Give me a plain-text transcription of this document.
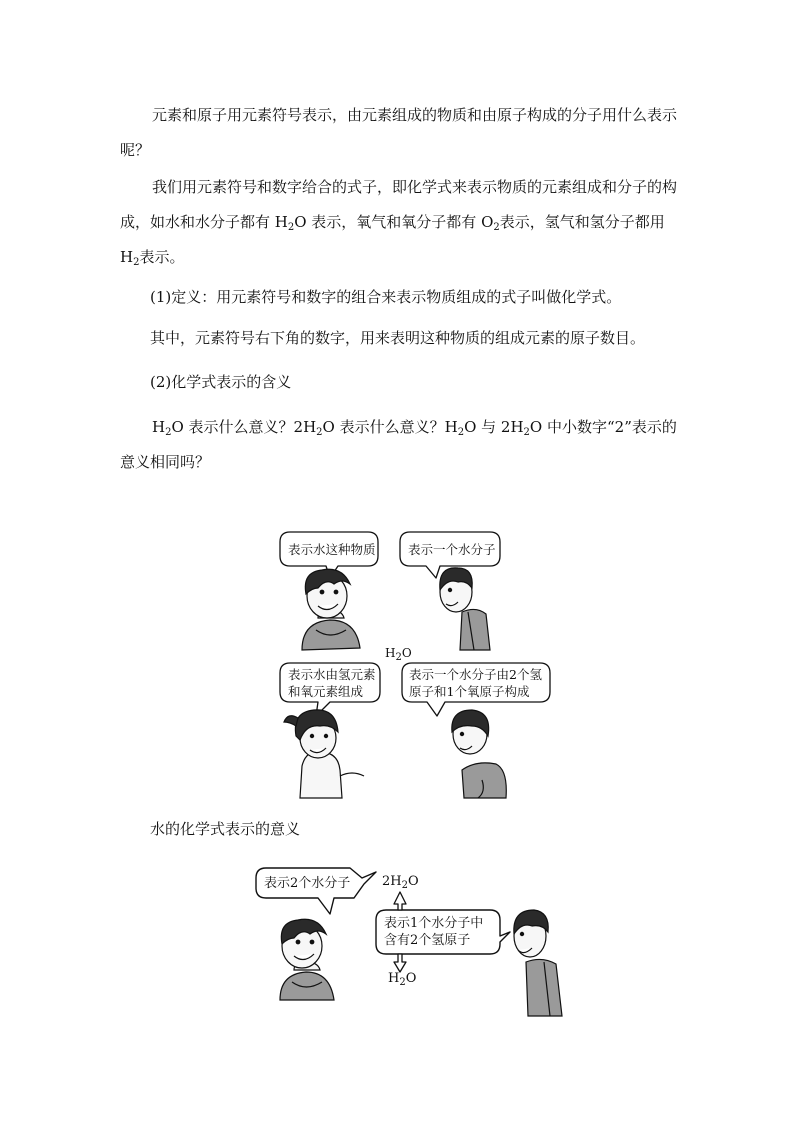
元素和原子用元素符号表示，由元素组成的物质和由原子构成的分子用什么表示呢？

我们用元素符号和数字给合的式子，即化学式来表示物质的元素组成和分子的构成，如水和水分子都有 $H_2O$ 表示，氧气和氧分子都有 $O_2$表示，氢气和氢分子都用 $H_2$表示。

(1)定义：用元素符号和数字的组合来表示物质组成的式子叫做化学式。

其中，元素符号右下角的数字，用来表明这种物质的组成元素的原子数目。

(2)化学式表示的含义

$H_2O$ 表示什么意义？$2H_2O$ 表示什么意义？$H_2O$ 与 $2H_2O$ 中小数字“2”表示的意义相同吗？

表示水这种物质	表示一个水分子
表示水由氢元素
和氧元素组成
表示一个水分子由2个氢
原子和1个氧原子构成
$H_2O$
水的化学式表示的意义
表示2个水分子
表示1个水分子中
含有2个氢原子
$2H_2O$
$H_2O$
